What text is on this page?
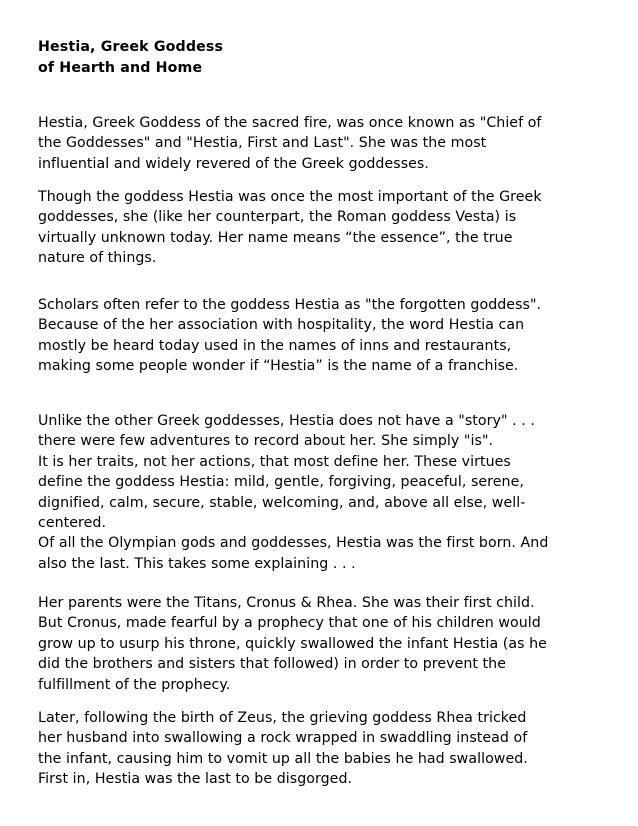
Hestia, Greek Goddess
of Hearth and Home
Hestia, Greek Goddess of the sacred fire, was once known as "Chief of
the Goddesses" and "Hestia, First and Last". She was the most
influential and widely revered of the Greek goddesses.
Though the goddess Hestia was once the most important of the Greek
goddesses, she (like her counterpart, the Roman goddess Vesta) is
virtually unknown today. Her name means “the essence”, the true
nature of things.
Scholars often refer to the goddess Hestia as "the forgotten goddess".
Because of the her association with hospitality, the word Hestia can
mostly be heard today used in the names of inns and restaurants,
making some people wonder if “Hestia” is the name of a franchise.
Unlike the other Greek goddesses, Hestia does not have a "story" . . .
there were few adventures to record about her. She simply "is".
It is her traits, not her actions, that most define her. These virtues
define the goddess Hestia: mild, gentle, forgiving, peaceful, serene,
dignified, calm, secure, stable, welcoming, and, above all else, well-
centered.
Of all the Olympian gods and goddesses, Hestia was the first born. And
also the last. This takes some explaining . . .
Her parents were the Titans, Cronus & Rhea. She was their first child.
But Cronus, made fearful by a prophecy that one of his children would
grow up to usurp his throne, quickly swallowed the infant Hestia (as he
did the brothers and sisters that followed) in order to prevent the
fulfillment of the prophecy.
Later, following the birth of Zeus, the grieving goddess Rhea tricked
her husband into swallowing a rock wrapped in swaddling instead of
the infant, causing him to vomit up all the babies he had swallowed.
First in, Hestia was the last to be disgorged.
